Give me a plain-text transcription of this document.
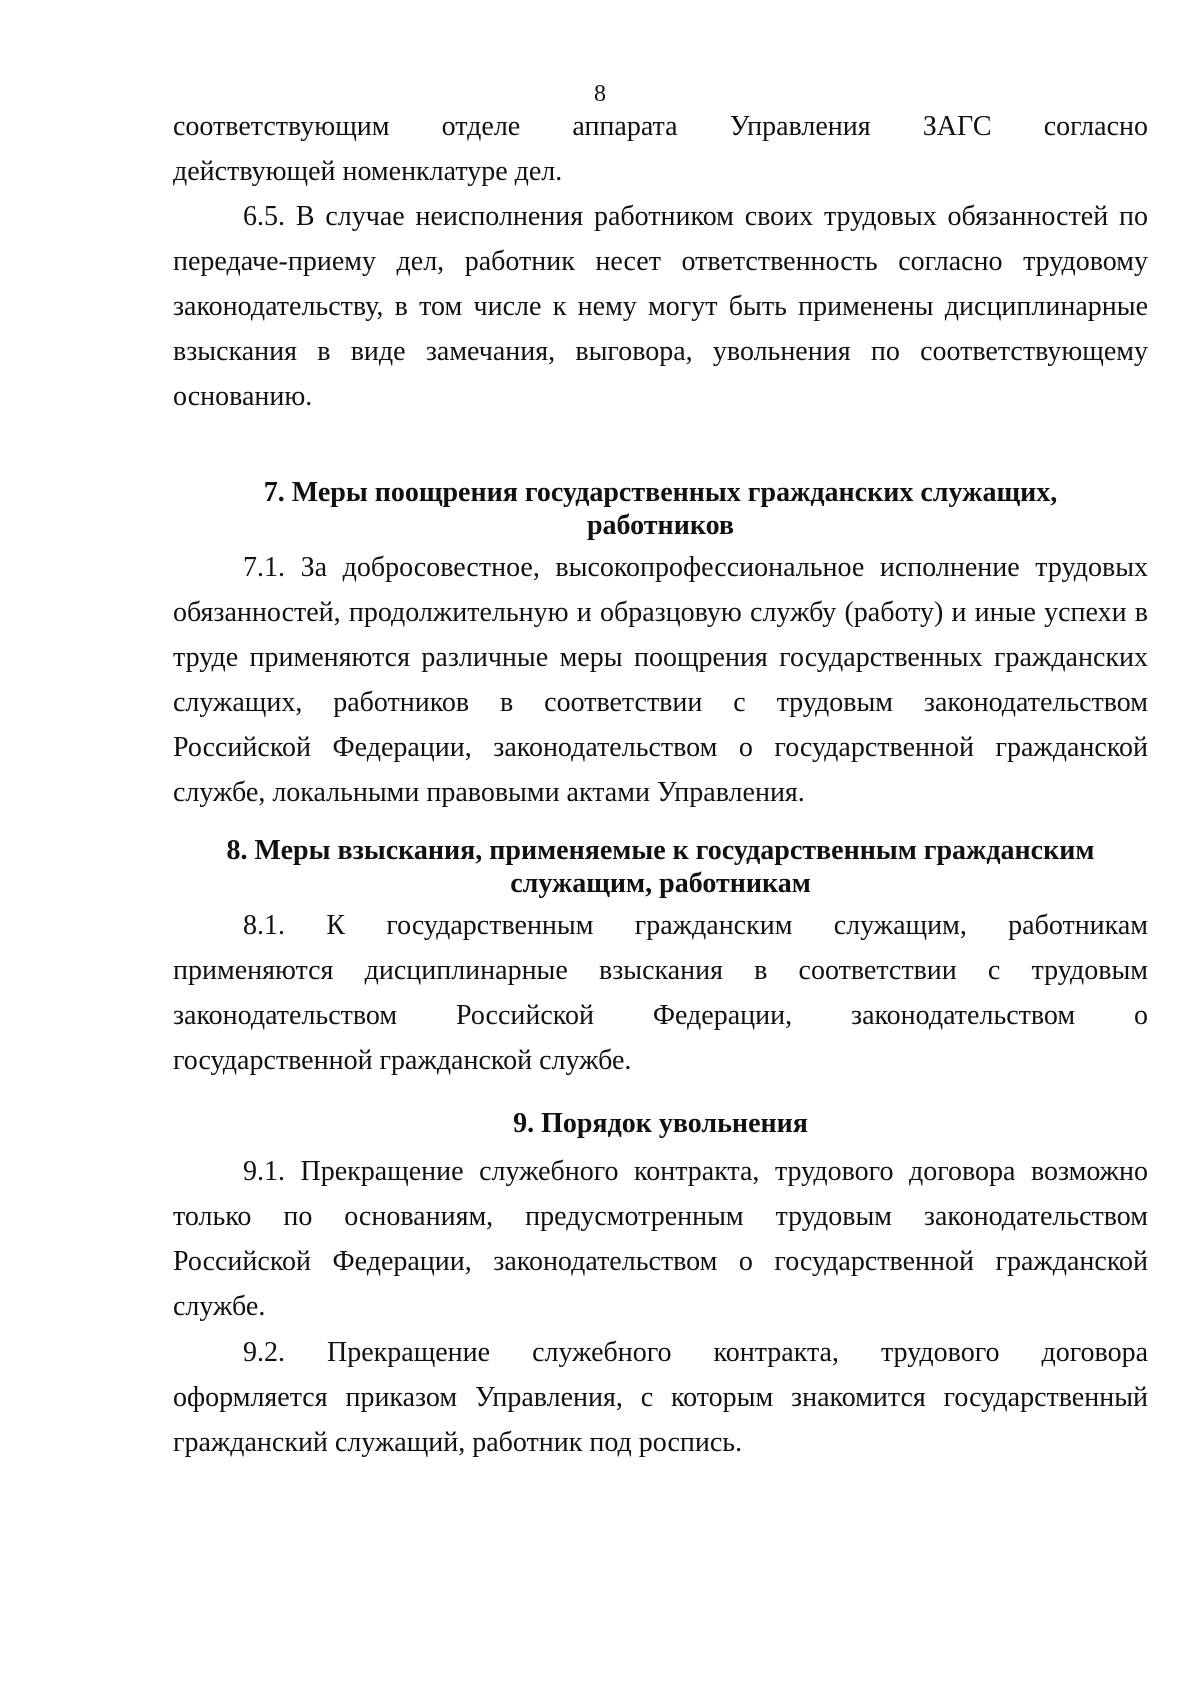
8
соответствующим отделе аппарата Управления ЗАГС согласно
действующей номенклатуре дел.
6.5. В случае неисполнения работником своих трудовых обязанностей по
передаче-приему дел, работник несет ответственность согласно трудовому
законодательству, в том числе к нему могут быть применены дисциплинарные
взыскания в виде замечания, выговора, увольнения по соответствующему
основанию.
7. Меры поощрения государственных гражданских служащих,
работников
7.1. За добросовестное, высокопрофессиональное исполнение трудовых
обязанностей, продолжительную и образцовую службу (работу) и иные успехи в
труде применяются различные меры поощрения государственных гражданских
служащих, работников в соответствии с трудовым законодательством
Российской Федерации, законодательством о государственной гражданской
службе, локальными правовыми актами Управления.
8. Меры взыскания, применяемые к государственным гражданским
служащим, работникам
8.1. К государственным гражданским служащим, работникам
применяются дисциплинарные взыскания в соответствии с трудовым
законодательством Российской Федерации, законодательством о
государственной гражданской службе.
9. Порядок увольнения
9.1. Прекращение служебного контракта, трудового договора возможно
только по основаниям, предусмотренным трудовым законодательством
Российской Федерации, законодательством о государственной гражданской
службе.
9.2. Прекращение служебного контракта, трудового договора
оформляется приказом Управления, с которым знакомится государственный
гражданский служащий, работник под роспись.
